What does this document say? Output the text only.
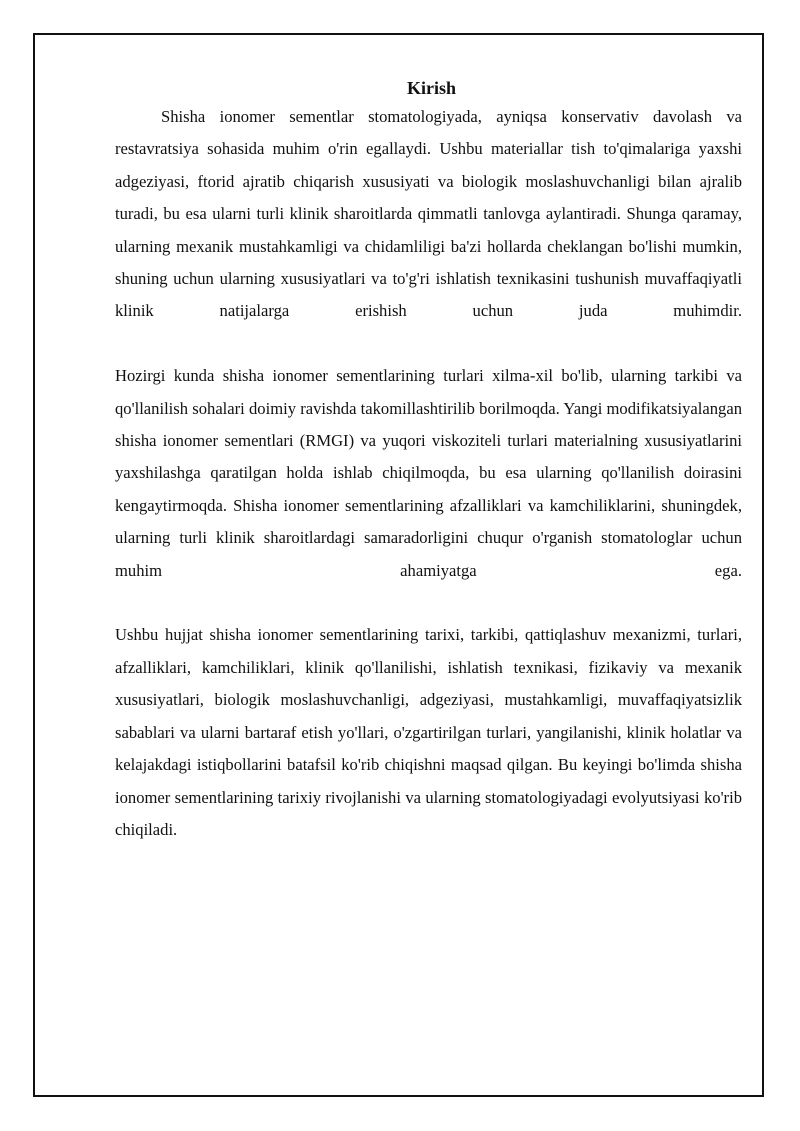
Kirish

Shisha ionomer sementlar stomatologiyada, ayniqsa konservativ davolash va restavratsiya sohasida muhim o'rin egallaydi. Ushbu materiallar tish to'qimalariga yaxshi adgeziyasi, ftorid ajratib chiqarish xususiyati va biologik moslashuvchanligi bilan ajralib turadi, bu esa ularni turli klinik sharoitlarda qimmatli tanlovga aylantiradi. Shunga qaramay, ularning mexanik mustahkamligi va chidamliligi ba'zi hollarda cheklangan bo'lishi mumkin, shuning uchun ularning xususiyatlari va to'g'ri ishlatish texnikasini tushunish muvaffaqiyatli klinik natijalarga erishish uchun juda muhimdir.

Hozirgi kunda shisha ionomer sementlarining turlari xilma-xil bo'lib, ularning tarkibi va qo'llanilish sohalari doimiy ravishda takomillashtirilib borilmoqda. Yangi modifikatsiyalangan shisha ionomer sementlari (RMGI) va yuqori viskoziteli turlari materialning xususiyatlarini yaxshilashga qaratilgan holda ishlab chiqilmoqda, bu esa ularning qo'llanilish doirasini kengaytirmoqda. Shisha ionomer sementlarining afzalliklari va kamchiliklarini, shuningdek, ularning turli klinik sharoitlardagi samaradorligini chuqur o'rganish stomatologlar uchun muhim ahamiyatga ega.

Ushbu hujjat shisha ionomer sementlarining tarixi, tarkibi, qattiqlashuv mexanizmi, turlari, afzalliklari, kamchiliklari, klinik qo'llanilishi, ishlatish texnikasi, fizikaviy va mexanik xususiyatlari, biologik moslashuvchanligi, adgeziyasi, mustahkamligi, muvaffaqiyatsizlik sabablari va ularni bartaraf etish yo'llari, o'zgartirilgan turlari, yangilanishi, klinik holatlar va kelajakdagi istiqbollarini batafsil ko'rib chiqishni maqsad qilgan. Bu keyingi bo'limda shisha ionomer sementlarining tarixiy rivojlanishi va ularning stomatologiyadagi evolyutsiyasi ko'rib chiqiladi.
